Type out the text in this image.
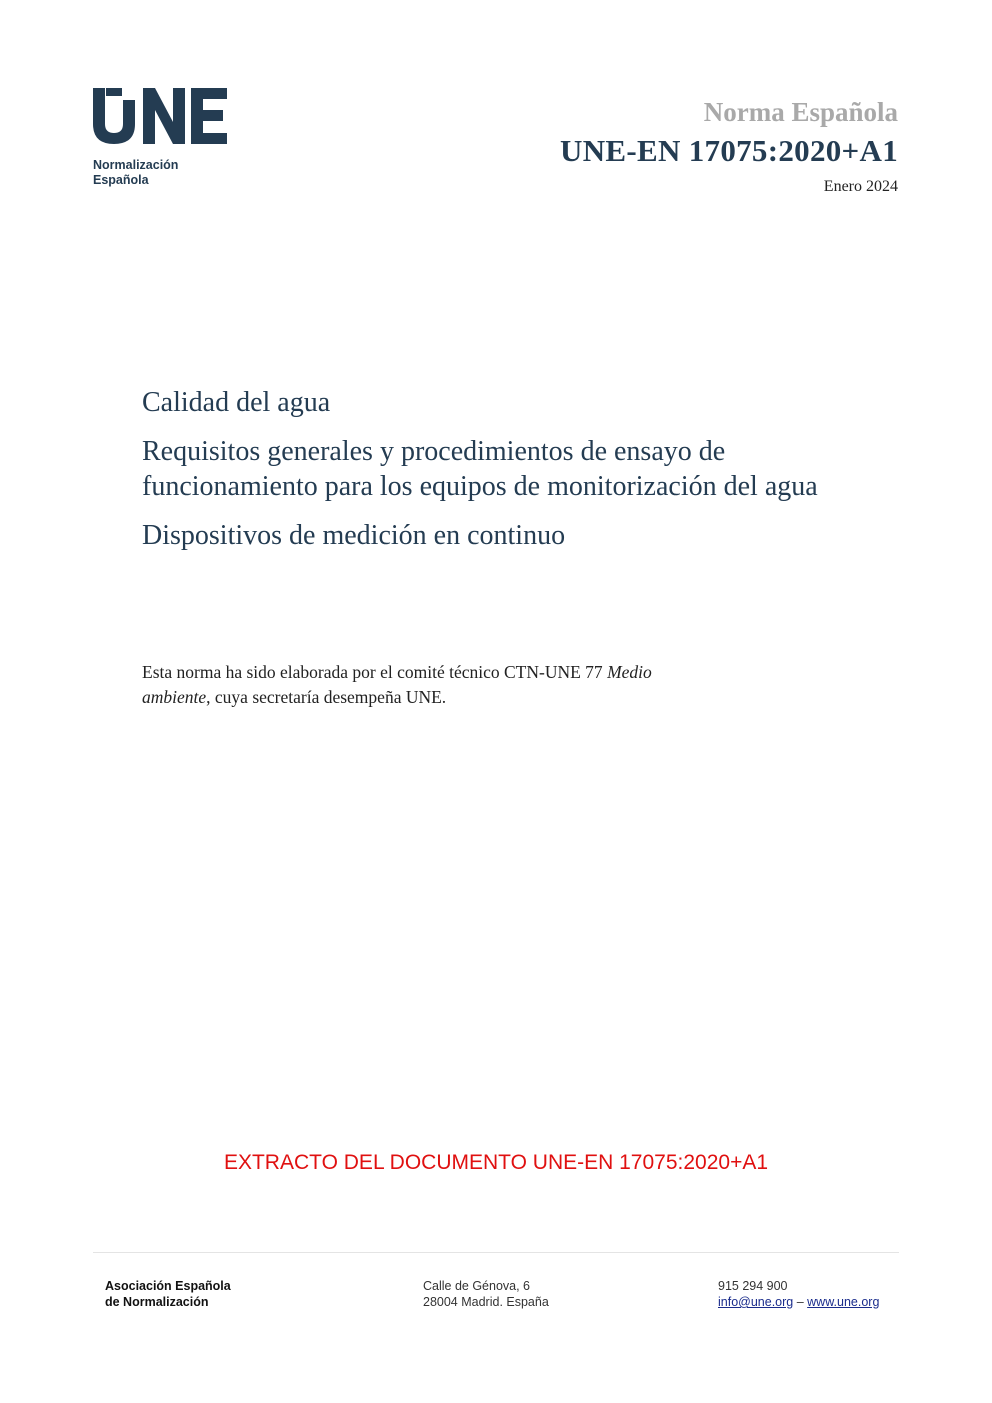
Normalización
Española
Norma Española
UNE-EN 17075:2020+A1
Enero 2024

Calidad del agua

Requisitos generales y procedimientos de ensayo de funcionamiento para los equipos de monitorización del agua

Dispositivos de medición en continuo

Esta norma ha sido elaborada por el comité técnico CTN-UNE 77 Medio ambiente, cuya secretaría desempeña UNE.
EXTRACTO DEL DOCUMENTO UNE-EN 17075:2020+A1
Asociación Española
de Normalización
Calle de Génova, 6
28004 Madrid. España
915 294 900
info@une.org – www.une.org
